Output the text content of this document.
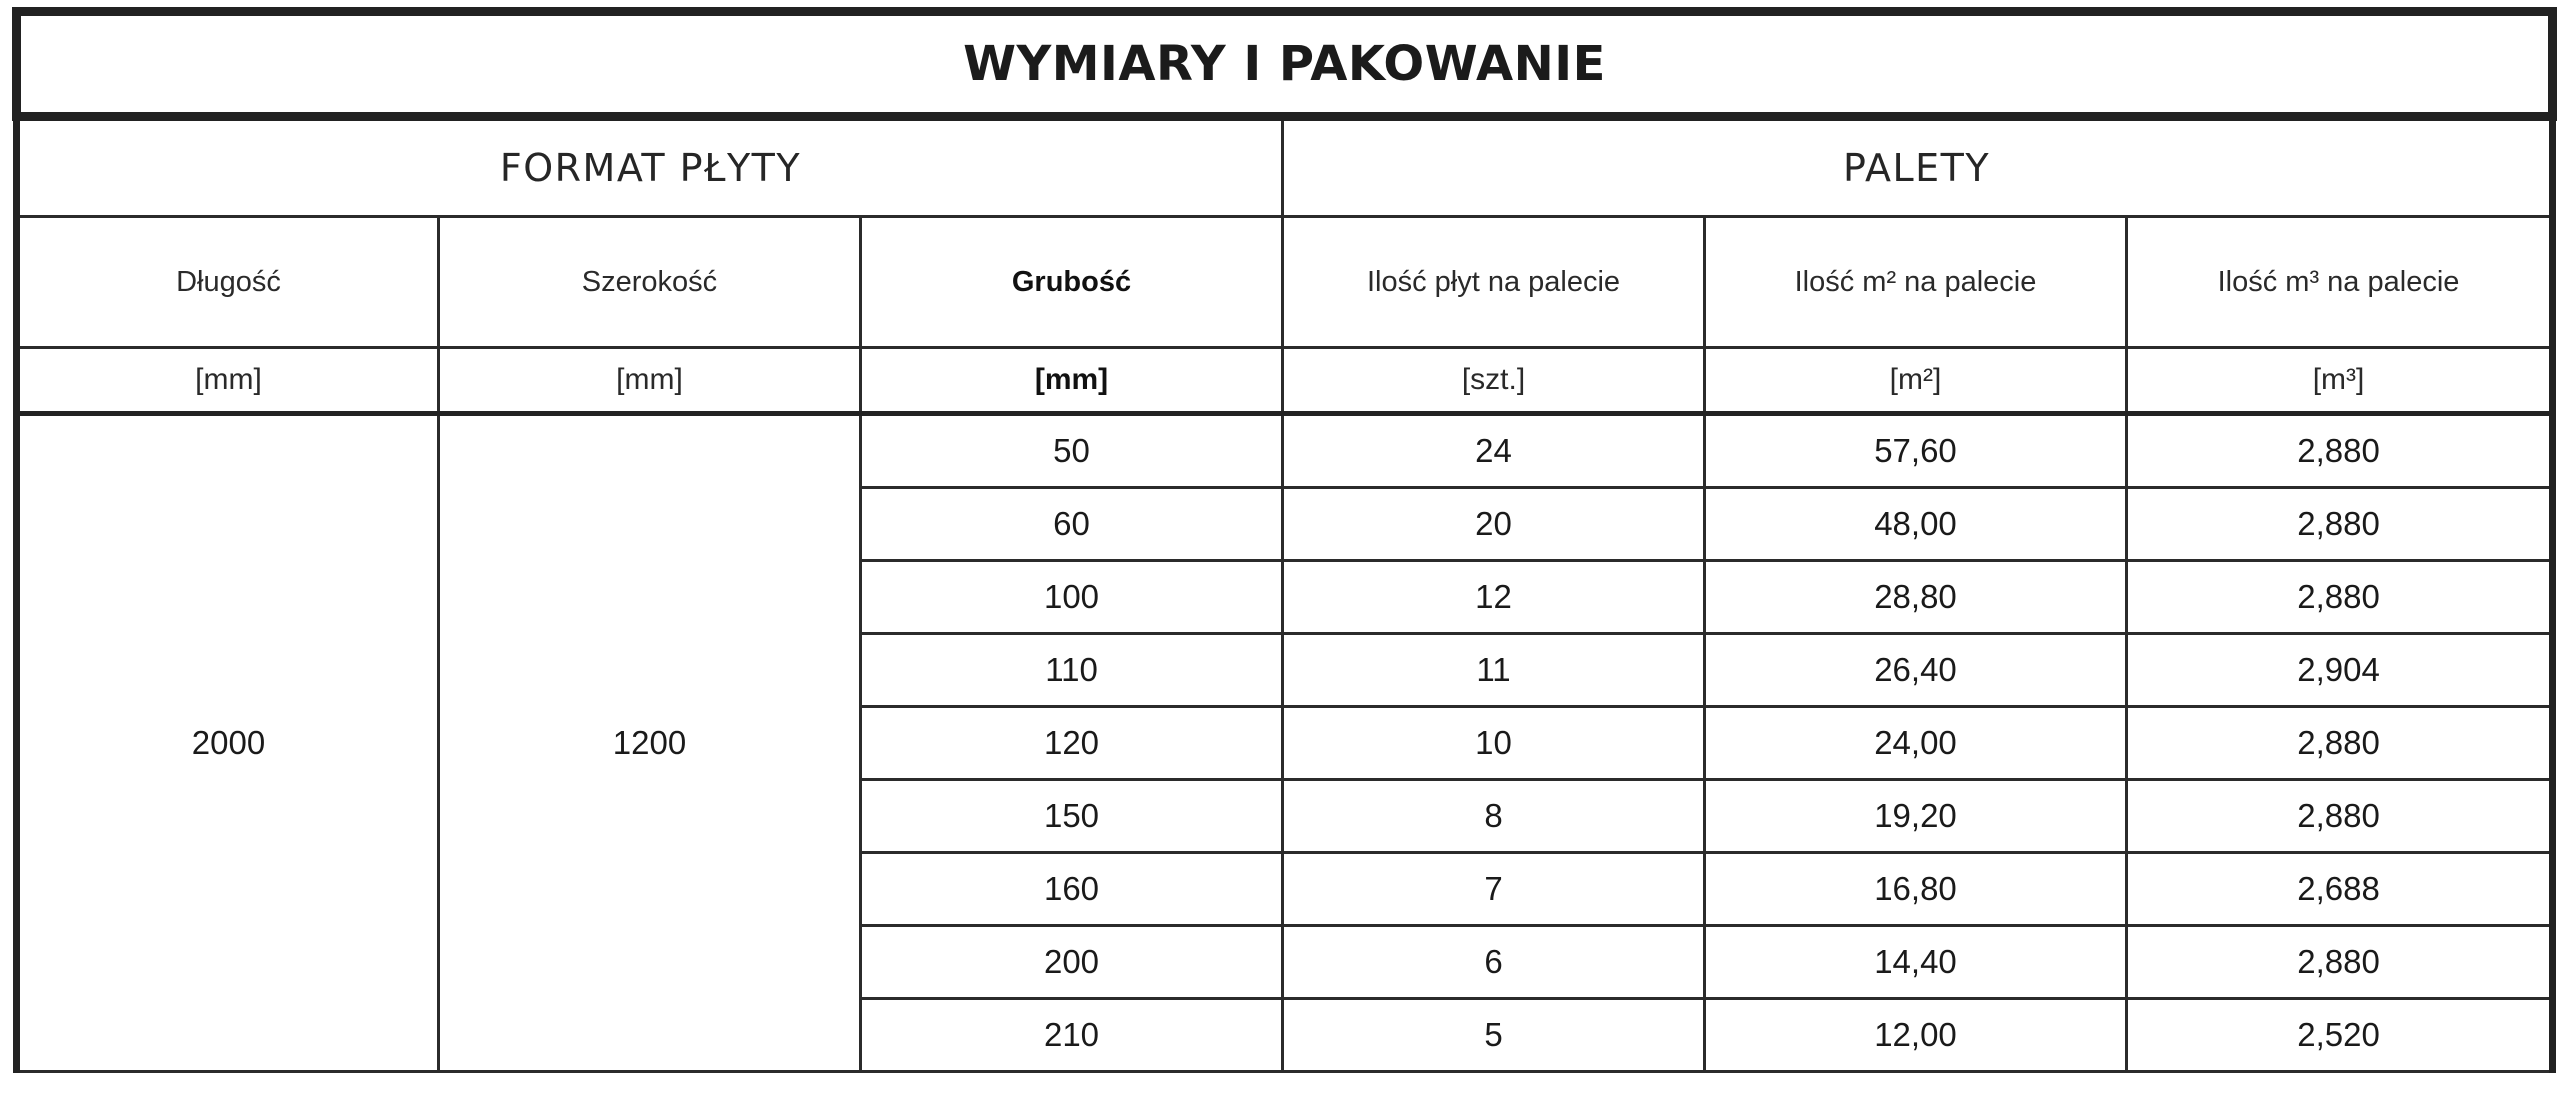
WYMIARY I PAKOWANIE					
FORMAT PŁYTY			PALETY		
Długość	Szerokość	Grubość	Ilość płyt na palecie	Ilość m² na palecie	Ilość m³ na palecie
[mm]	[mm]	[mm]	[szt.]	[m²]	[m³]
2000	1200	50	24	57,60	2,880
		60	20	48,00	2,880
		100	12	28,80	2,880
		110	11	26,40	2,904
		120	10	24,00	2,880
		150	8	19,20	2,880
		160	7	16,80	2,688
		200	6	14,40	2,880
		210	5	12,00	2,520
